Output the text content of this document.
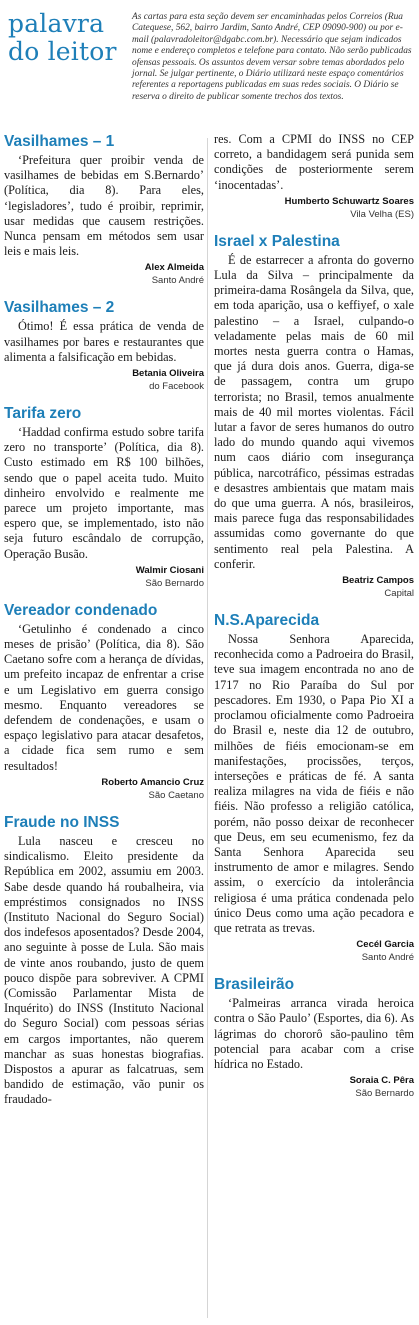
palavra
do leitor
As cartas para esta seção devem ser encaminhadas pelos Correios (Rua Catequese, 562, bairro Jardim, Santo André, CEP 09090-900) ou por e-mail (palavradoleitor@dgabc.com.br). Necessário que sejam indicados nome e endereço completos e telefone para contato. Não serão publicadas ofensas pessoais. Os assuntos devem versar sobre temas abordados pelo jornal. Se julgar pertinente, o Diário utilizará neste espaço comentários referentes a reportagens publicadas em suas redes sociais. O Diário se reserva o direito de publicar somente trechos dos textos.
Vasilhames – 1

‘Prefeitura quer proibir venda de vasilhames de bebidas em S.Bernardo’ (Política, dia 8). Para eles, ‘legisladores’, tudo é proibir, reprimir, usar medidas que causem restrições. Nunca pensam em métodos sem usar leis e mais leis.

Alex Almeida
Santo André
Vasilhames – 2

Ótimo! É essa prática de venda de vasilhames por bares e restaurantes que alimenta a falsificação em bebidas.

Betania Oliveira
do Facebook
Tarifa zero

‘Haddad confirma estudo sobre tarifa zero no transporte’ (Política, dia 8). Custo estimado em R$ 100 bilhões, sendo que o papel aceita tudo. Muito dinheiro envolvido e realmente me parece um projeto importante, mas espero que, se implementado, isto não seja futuro escândalo de corrupção, Operação Busão.

Walmir Ciosani
São Bernardo
Vereador condenado

‘Getulinho é condenado a cinco meses de prisão’ (Política, dia 8). São Caetano sofre com a herança de dívidas, um prefeito incapaz de enfrentar a crise e um Legislativo em guerra consigo mesmo. Enquanto vereadores se defendem de condenações, e usam o espaço legislativo para atacar desafetos, a cidade fica sem rumo e sem resultados!

Roberto Amancio Cruz
São Caetano
Fraude no INSS

Lula nasceu e cresceu no sindicalismo. Eleito presidente da República em 2002, assumiu em 2003. Sabe desde quando há roubalheira, via empréstimos consignados no INSS (Instituto Nacional do Seguro Social) dos indefesos aposentados? Desde 2004, ano seguinte à posse de Lula. São mais de vinte anos roubando, justo de quem pouco dispõe para sobreviver. A CPMI (Comissão Parlamentar Mista de Inquérito) do INSS (Instituto Nacional do Seguro Social) com pessoas sérias em cargos importantes, não querem manchar as suas honestas biografias. Dispostos a apurar as falcatruas, sem bandido de estimação, vão punir os fraudado-

res. Com a CPMI do INSS no CEP correto, a bandidagem será punida sem condições de posteriormente serem ‘inocentadas’.

Humberto Schuwartz Soares
Vila Velha (ES)
Israel x Palestina

É de estarrecer a afronta do governo Lula da Silva – principalmente da primeira-dama Rosângela da Silva, que, em toda aparição, usa o keffiyef, o xale palestino – a Israel, culpando-o veladamente pelas mais de 60 mil mortes nesta guerra contra o Hamas, que já dura dois anos. Guerra, diga-se de passagem, contra um grupo terrorista; no Brasil, temos anualmente mais de 40 mil mortes violentas. Fácil lutar a favor de seres humanos do outro lado do mundo quando aqui vivemos num caos diário com insegurança pública, narcotráfico, péssimas estradas e desastres ambientais que matam mais do que uma guerra. A nós, brasileiros, mais parece fuga das responsabilidades assumidas como governante do que sentimento real pela Palestina. A conferir.

Beatriz Campos
Capital
N.S.Aparecida

Nossa Senhora Aparecida, reconhecida como a Padroeira do Brasil, teve sua imagem encontrada no ano de 1717 no Rio Paraíba do Sul por pescadores. Em 1930, o Papa Pio XI a proclamou oficialmente como Padroeira do Brasil e, neste dia 12 de outubro, milhões de fiéis emocionam-se em manifestações, procissões, terços, interseções e práticas de fé. A santa realiza milagres na vida de fiéis e não fiéis. Não professo a religião católica, porém, não posso deixar de reconhecer que Deus, em seu ecumenismo, fez da Santa Senhora Aparecida seu instrumento de amor e milagres. Sendo assim, o exercício da intolerância religiosa é uma prática condenada pelo único Deus como uma ação pecadora e que retrata as trevas.

Cecél Garcia
Santo André
Brasileirão

‘Palmeiras arranca virada heroica contra o São Paulo’ (Esportes, dia 6). As lágrimas do chororô são-paulino têm potencial para acabar com a crise hídrica no Estado.

Soraia C. Pêra
São Bernardo
